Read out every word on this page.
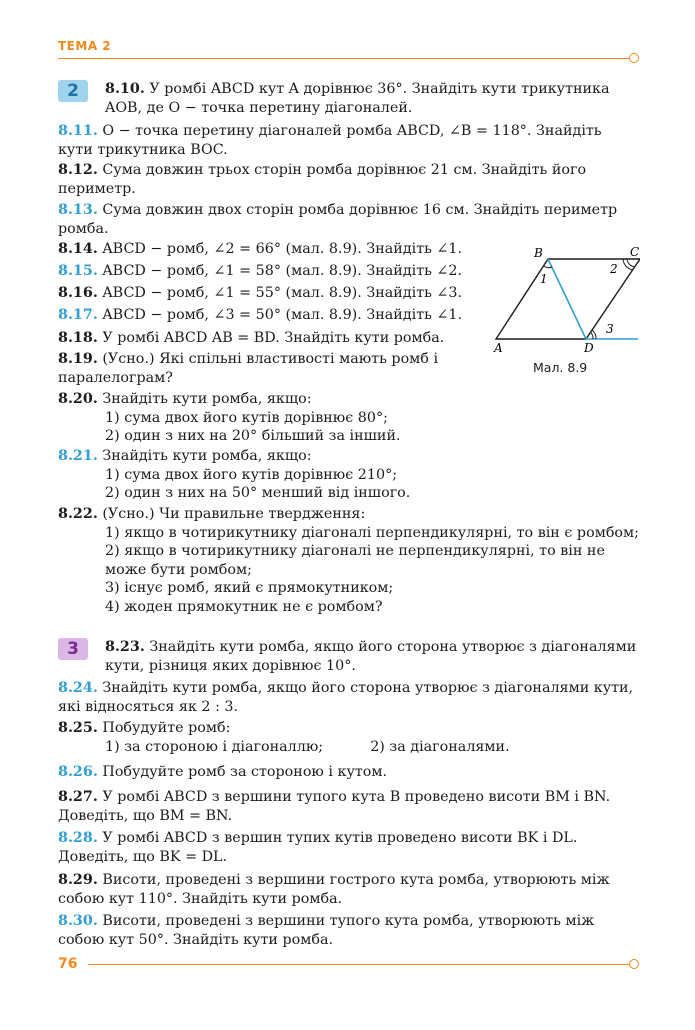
ТЕМА 2
2	8.10. У ромбі ABCD кут A дорівнює 36°. Знайдіть кути трикутника AOB, де O − точка перетину діагоналей.
8.11. O − точка перетину діагоналей ромба ABCD, ∠B = 118°. Знайдіть кути трикутника BOC.
8.12. Сума довжин трьох сторін ромба дорівнює 21 см. Знайдіть його периметр.
8.13. Сума довжин двох сторін ромба дорівнює 16 см. Знайдіть периметр ромба.
8.14. ABCD − ромб, ∠2 = 66° (мал. 8.9). Знайдіть ∠1.
8.15. ABCD − ромб, ∠1 = 58° (мал. 8.9). Знайдіть ∠2.
8.16. ABCD − ромб, ∠1 = 55° (мал. 8.9). Знайдіть ∠3.
8.17. ABCD − ромб, ∠3 = 50° (мал. 8.9). Знайдіть ∠1.
8.18. У ромбі ABCD AB = BD. Знайдіть кути ромба.
8.19. (Усно.) Які спільні властивості мають ромб і паралелограм?
B	C
A	D
1
2
3
Мал. 8.9
8.20. Знайдіть кути ромба, якщо:
1) сума двох його кутів дорівнює 80°;
2) один з них на 20° більший за інший.
8.21. Знайдіть кути ромба, якщо:
1) сума двох його кутів дорівнює 210°;
2) один з них на 50° менший від іншого.
8.22. (Усно.) Чи правильне твердження:
1) якщо в чотирикутнику діагоналі перпендикулярні, то він є ромбом;
2) якщо в чотирикутнику діагоналі не перпендикулярні, то він не може бути ромбом;
3) існує ромб, який є прямокутником;
4) жоден прямокутник не є ромбом?
3	8.23. Знайдіть кути ромба, якщо його сторона утворює з діагоналями кути, різниця яких дорівнює 10°.
8.24. Знайдіть кути ромба, якщо його сторона утворює з діагоналями кути, які відносяться як 2 : 3.
8.25. Побудуйте ромб:
1) за стороною і діагоналлю;	2) за діагоналями.
8.26. Побудуйте ромб за стороною і кутом.
8.27. У ромбі ABCD з вершини тупого кута B проведено висоти BM і BN. Доведіть, що BM = BN.
8.28. У ромбі ABCD з вершин тупих кутів проведено висоти BK і DL. Доведіть, що BK = DL.
8.29. Висоти, проведені з вершини гострого кута ромба, утворюють між собою кут 110°. Знайдіть кути ромба.
8.30. Висоти, проведені з вершини тупого кута ромба, утворюють між собою кут 50°. Знайдіть кути ромба.
76
